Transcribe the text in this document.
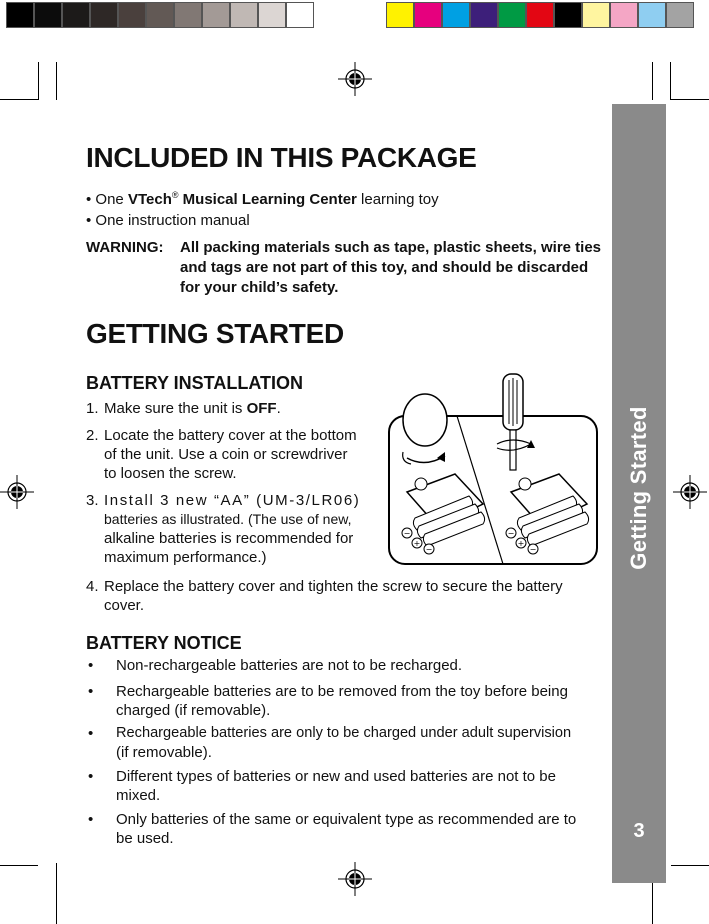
Getting Started
3
INCLUDED IN THIS PACKAGE
• One VTech® Musical Learning Center learning toy
• One instruction manual
WARNING: All packing materials such as tape, plastic sheets, wire ties
and tags are not part of this toy, and should be discarded
for your child’s safety.
GETTING STARTED
BATTERY INSTALLATION
1. Make sure the unit is OFF.
2. Locate the battery cover at the bottom
of the unit. Use a coin or screwdriver
to loosen the screw.
3. Install 3 new “AA” (UM-3/LR06)
batteries as illustrated. (The use of new,
alkaline batteries is recommended for
maximum performance.)
4. Replace the battery cover and tighten the screw to secure the battery
cover.
BATTERY NOTICE
• Non-rechargeable batteries are not to be recharged.
• Rechargeable batteries are to be removed from the toy before being
charged (if removable).
• Rechargeable batteries are only to be charged under adult supervision
(if removable).
• Different types of batteries or new and used batteries are not to be
mixed.
• Only batteries of the same or equivalent type as recommended are to
be used.
−
+
−
−
+
−
